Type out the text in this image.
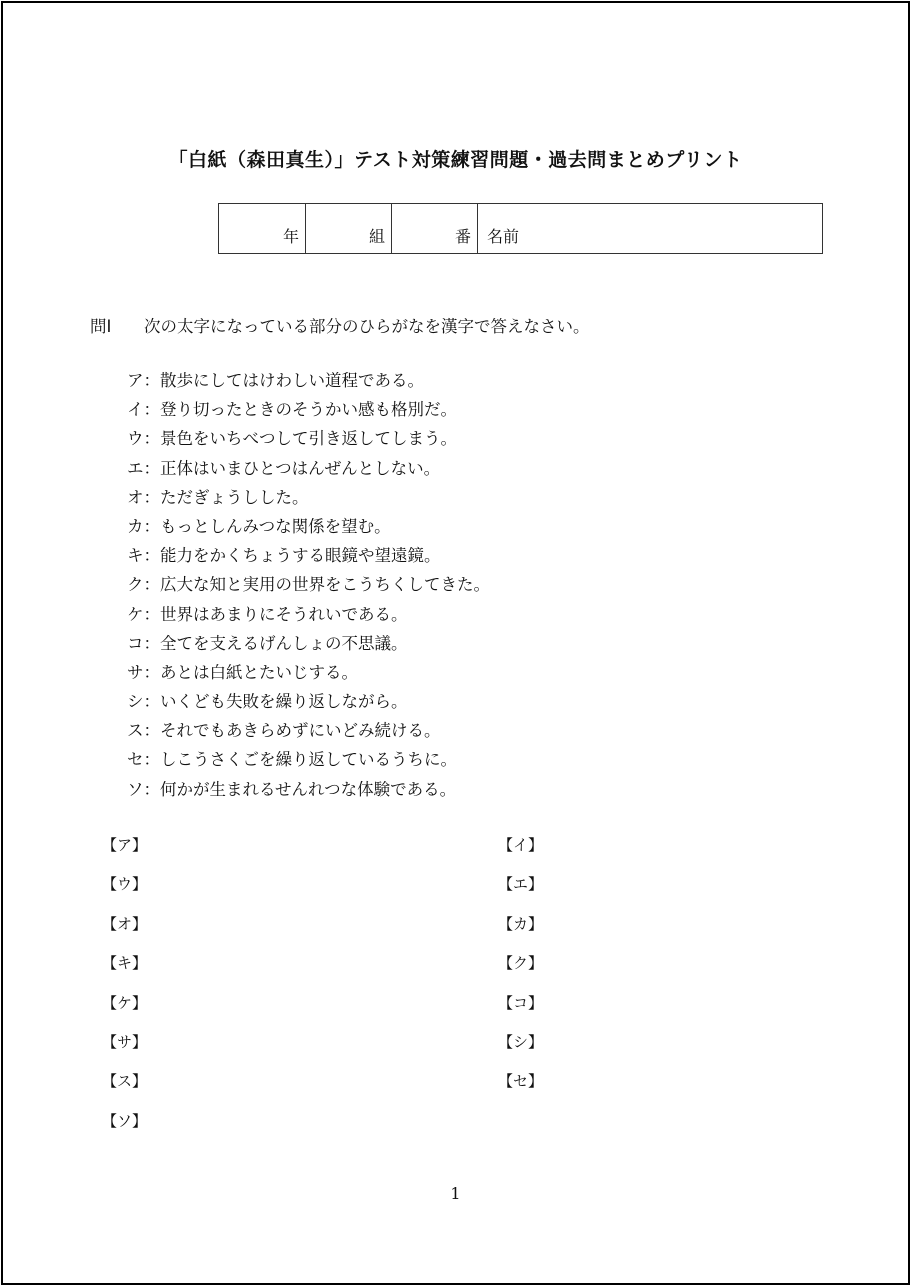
「白紙（森田真生）」テスト対策練習問題・過去問まとめプリント
年	組	番 名前
問Ⅰ 次の太字になっている部分のひらがなを漢字で答えなさい。
ア：散歩にしてはけわしい道程である。
イ：登り切ったときのそうかい感も格別だ。
ウ：景色をいちべつして引き返してしまう。
エ：正体はいまひとつはんぜんとしない。
オ：ただぎょうしした。
カ：もっとしんみつな関係を望む。
キ：能力をかくちょうする眼鏡や望遠鏡。
ク：広大な知と実用の世界をこうちくしてきた。
ケ：世界はあまりにそうれいである。
コ：全てを支えるげんしょの不思議。
サ：あとは白紙とたいじする。
シ：いくども失敗を繰り返しながら。
ス：それでもあきらめずにいどみ続ける。
セ：しこうさくごを繰り返しているうちに。
ソ：何かが生まれるせんれつな体験である。
【ア】	【イ】
【ウ】	【エ】
【オ】	【カ】
【キ】	【ク】
【ケ】	【コ】
【サ】	【シ】
【ス】	【セ】
【ソ】
1
